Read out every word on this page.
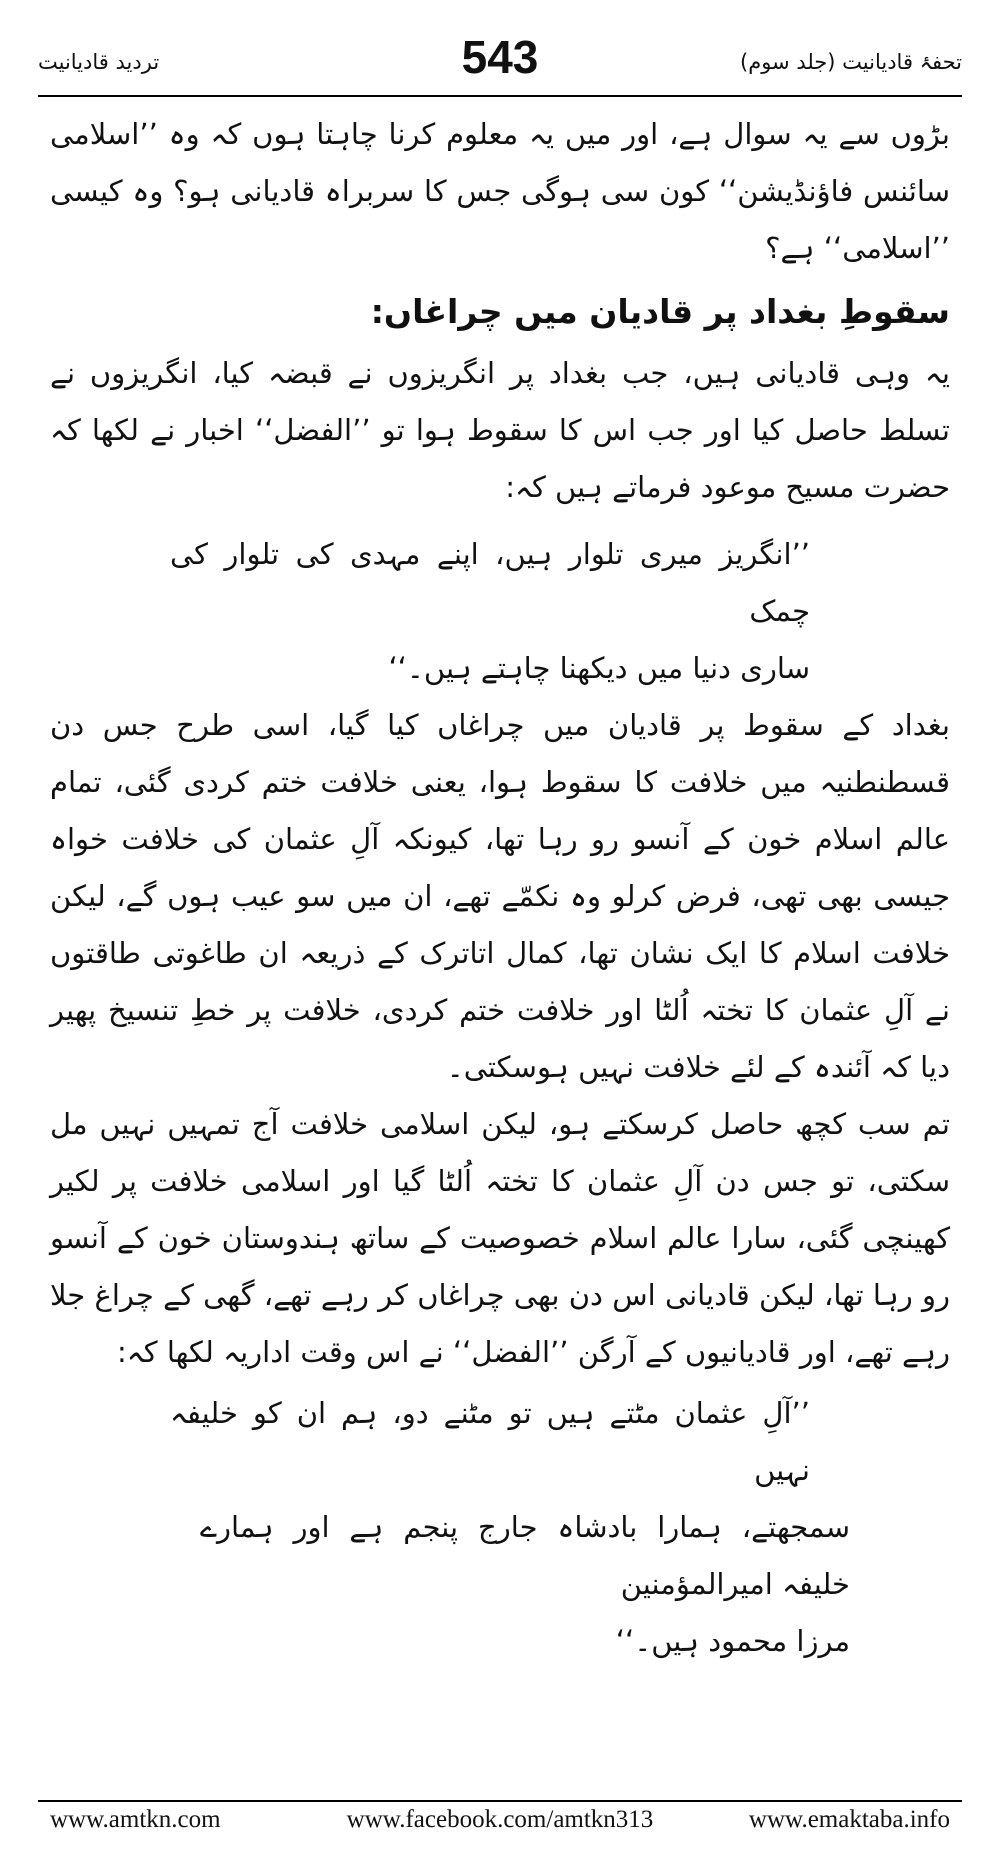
تردید قادیانیت	543	تحفۂ قادیانیت (جلد سوم)

بڑوں سے یہ سوال ہے، اور میں یہ معلوم کرنا چاہتا ہوں کہ وہ ’’اسلامی سائنس فاؤنڈیشن‘‘ کون سی ہوگی جس کا سربراہ قادیانی ہو؟ وہ کیسی ’’اسلامی‘‘ ہے؟

سقوطِ بغداد پر قادیان میں چراغاں:

یہ وہی قادیانی ہیں، جب بغداد پر انگریزوں نے قبضہ کیا، انگریزوں نے تسلط حاصل کیا اور جب اس کا سقوط ہوا تو ’’الفضل‘‘ اخبار نے لکھا کہ حضرت مسیح موعود فرماتے ہیں کہ:

’’انگریز میری تلوار ہیں، اپنے مہدی کی تلوار کی چمک

ساری دنیا میں دیکھنا چاہتے ہیں۔‘‘

بغداد کے سقوط پر قادیان میں چراغاں کیا گیا، اسی طرح جس دن قسطنطنیہ میں خلافت کا سقوط ہوا، یعنی خلافت ختم کردی گئی، تمام عالم اسلام خون کے آنسو رو رہا تھا، کیونکہ آلِ عثمان کی خلافت خواہ جیسی بھی تھی، فرض کرلو وہ نکمّے تھے، ان میں سو عیب ہوں گے، لیکن خلافت اسلام کا ایک نشان تھا، کمال اتاترک کے ذریعہ ان طاغوتی طاقتوں نے آلِ عثمان کا تختہ اُلٹا اور خلافت ختم کردی، خلافت پر خطِ تنسیخ پھیر دیا کہ آئندہ کے لئے خلافت نہیں ہوسکتی۔

تم سب کچھ حاصل کرسکتے ہو، لیکن اسلامی خلافت آج تمہیں نہیں مل سکتی، تو جس دن آلِ عثمان کا تختہ اُلٹا گیا اور اسلامی خلافت پر لکیر کھینچی گئی، سارا عالم اسلام خصوصیت کے ساتھ ہندوستان خون کے آنسو رو رہا تھا، لیکن قادیانی اس دن بھی چراغاں کر رہے تھے، گھی کے چراغ جلا رہے تھے، اور قادیانیوں کے آرگن ’’الفضل‘‘ نے اس وقت اداریہ لکھا کہ:

’’آلِ عثمان مٹتے ہیں تو مٹنے دو، ہم ان کو خلیفہ نہیں

سمجھتے، ہمارا بادشاہ جارج پنجم ہے اور ہمارے خلیفہ امیرالمؤمنین

مرزا محمود ہیں۔‘‘

www.amtkn.com	www.facebook.com/amtkn313	www.emaktaba.info
